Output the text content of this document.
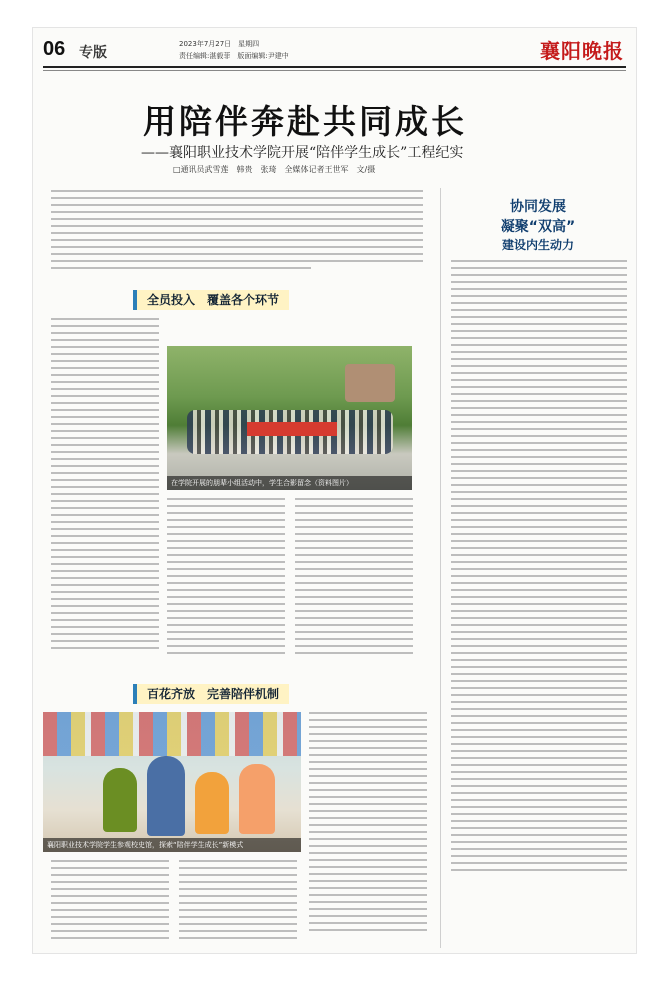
06 专版
2023年7月27日　星期四
责任编辑:湛毅菲　版面编辑:尹建中	襄阳晚报
用陪伴奔赴共同成长
——襄阳职业技术学院开展“陪伴学生成长”工程纪实
□通讯员武雪莲　韩贵　张琦　全媒体记者王世军　文/摄
全员投入　覆盖各个环节
在学院开展的朋辈小组活动中，学生合影留念（资料图片）
百花齐放　完善陪伴机制
襄阳职业技术学院学生参观校史馆，探索“陪伴学生成长”新模式
协同发展
凝聚“双高”
建设内生动力
